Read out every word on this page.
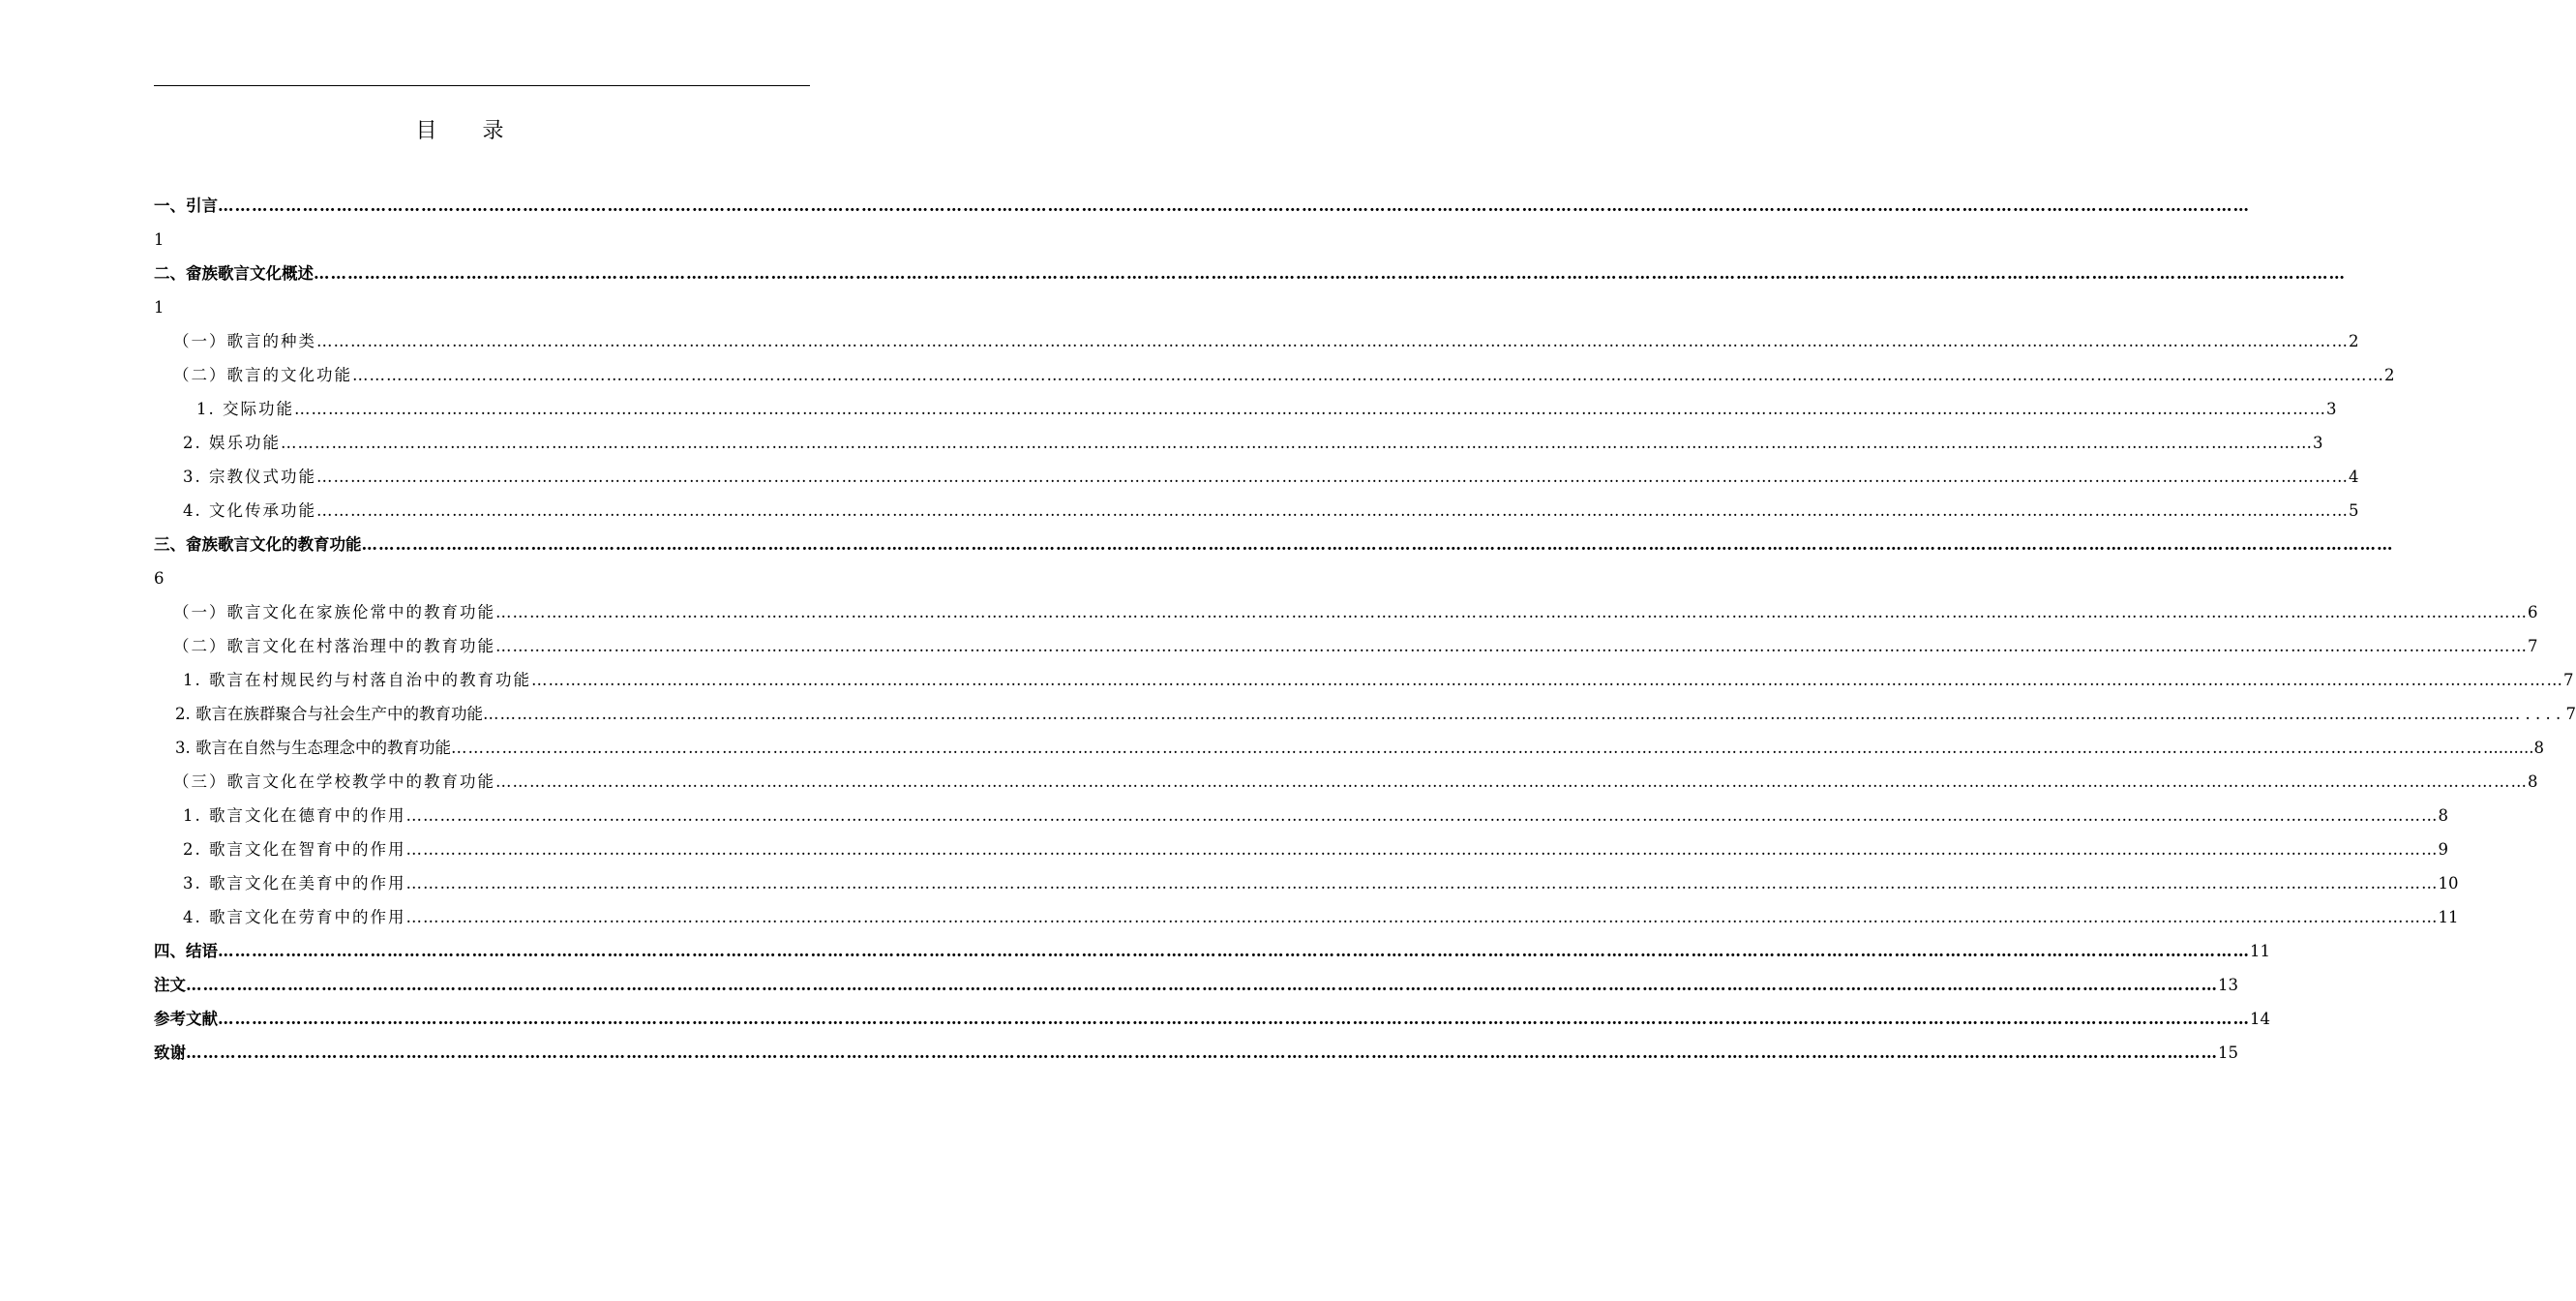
目 录
一、引言 ………………………………………………………………………………………………………………………………………………………………………………………………………………………………………………………………………………………………………………………………
1
二、畲族歌言文化概述 ………………………………………………………………………………………………………………………………………………………………………………………………………………………………………………………………………………………………………………………………
1
（一）歌言的种类 ……………………………………………………………………………………………………………………………………………………………………………………………………………………………………………………………………………………………………………………………… 2
（二）歌言的文化功能 ……………………………………………………………………………………………………………………………………………………………………………………………………………………………………………………………………………………………………………………………… 2
1. 交际功能 ……………………………………………………………………………………………………………………………………………………………………………………………………………………………………………………………………………………………………………………………… 3
2. 娱乐功能 ……………………………………………………………………………………………………………………………………………………………………………………………………………………………………………………………………………………………………………………………… 3
3. 宗教仪式功能 ……………………………………………………………………………………………………………………………………………………………………………………………………………………………………………………………………………………………………………………………… 4
4. 文化传承功能 ……………………………………………………………………………………………………………………………………………………………………………………………………………………………………………………………………………………………………………………………… 5
三、畲族歌言文化的教育功能 ………………………………………………………………………………………………………………………………………………………………………………………………………………………………………………………………………………………………………………………………
6
（一）歌言文化在家族伦常中的教育功能 ……………………………………………………………………………………………………………………………………………………………………………………………………………………………………………………………………………………………………………………………… 6
（二）歌言文化在村落治理中的教育功能 ……………………………………………………………………………………………………………………………………………………………………………………………………………………………………………………………………………………………………………………………… 7
1. 歌言在村规民约与村落自治中的教育功能 ……………………………………………………………………………………………………………………………………………………………………………………………………………………………………………………………………………………………………………………………… 7
2. 歌言在族群聚合与社会生产中的教育功能 ……………………………………………………………………………………………………………………………………………………………………………………………………………………………………………………………………………………………………………………………… . . . . . 7
3. 歌言在自然与生态理念中的教育功能 ……………………………………………………………………………………………………………………………………………………………………………………………………………………………………………………………………………………………………………………………… ..........8
（三）歌言文化在学校教学中的教育功能 ……………………………………………………………………………………………………………………………………………………………………………………………………………………………………………………………………………………………………………………………… 8
1. 歌言文化在德育中的作用 ……………………………………………………………………………………………………………………………………………………………………………………………………………………………………………………………………………………………………………………………… 8
2. 歌言文化在智育中的作用 ……………………………………………………………………………………………………………………………………………………………………………………………………………………………………………………………………………………………………………………………… 9
3. 歌言文化在美育中的作用 ……………………………………………………………………………………………………………………………………………………………………………………………………………………………………………………………………………………………………………………………… 10
4. 歌言文化在劳育中的作用 ……………………………………………………………………………………………………………………………………………………………………………………………………………………………………………………………………………………………………………………………… 11
四、结语 ……………………………………………………………………………………………………………………………………………………………………………………………………………………………………………………………………………………………………………………………… 11
注文 ……………………………………………………………………………………………………………………………………………………………………………………………………………………………………………………………………………………………………………………………… 13
参考文献 ……………………………………………………………………………………………………………………………………………………………………………………………………………………………………………………………………………………………………………………………… 14
致谢 ……………………………………………………………………………………………………………………………………………………………………………………………………………………………………………………………………………………………………………………………… 15
